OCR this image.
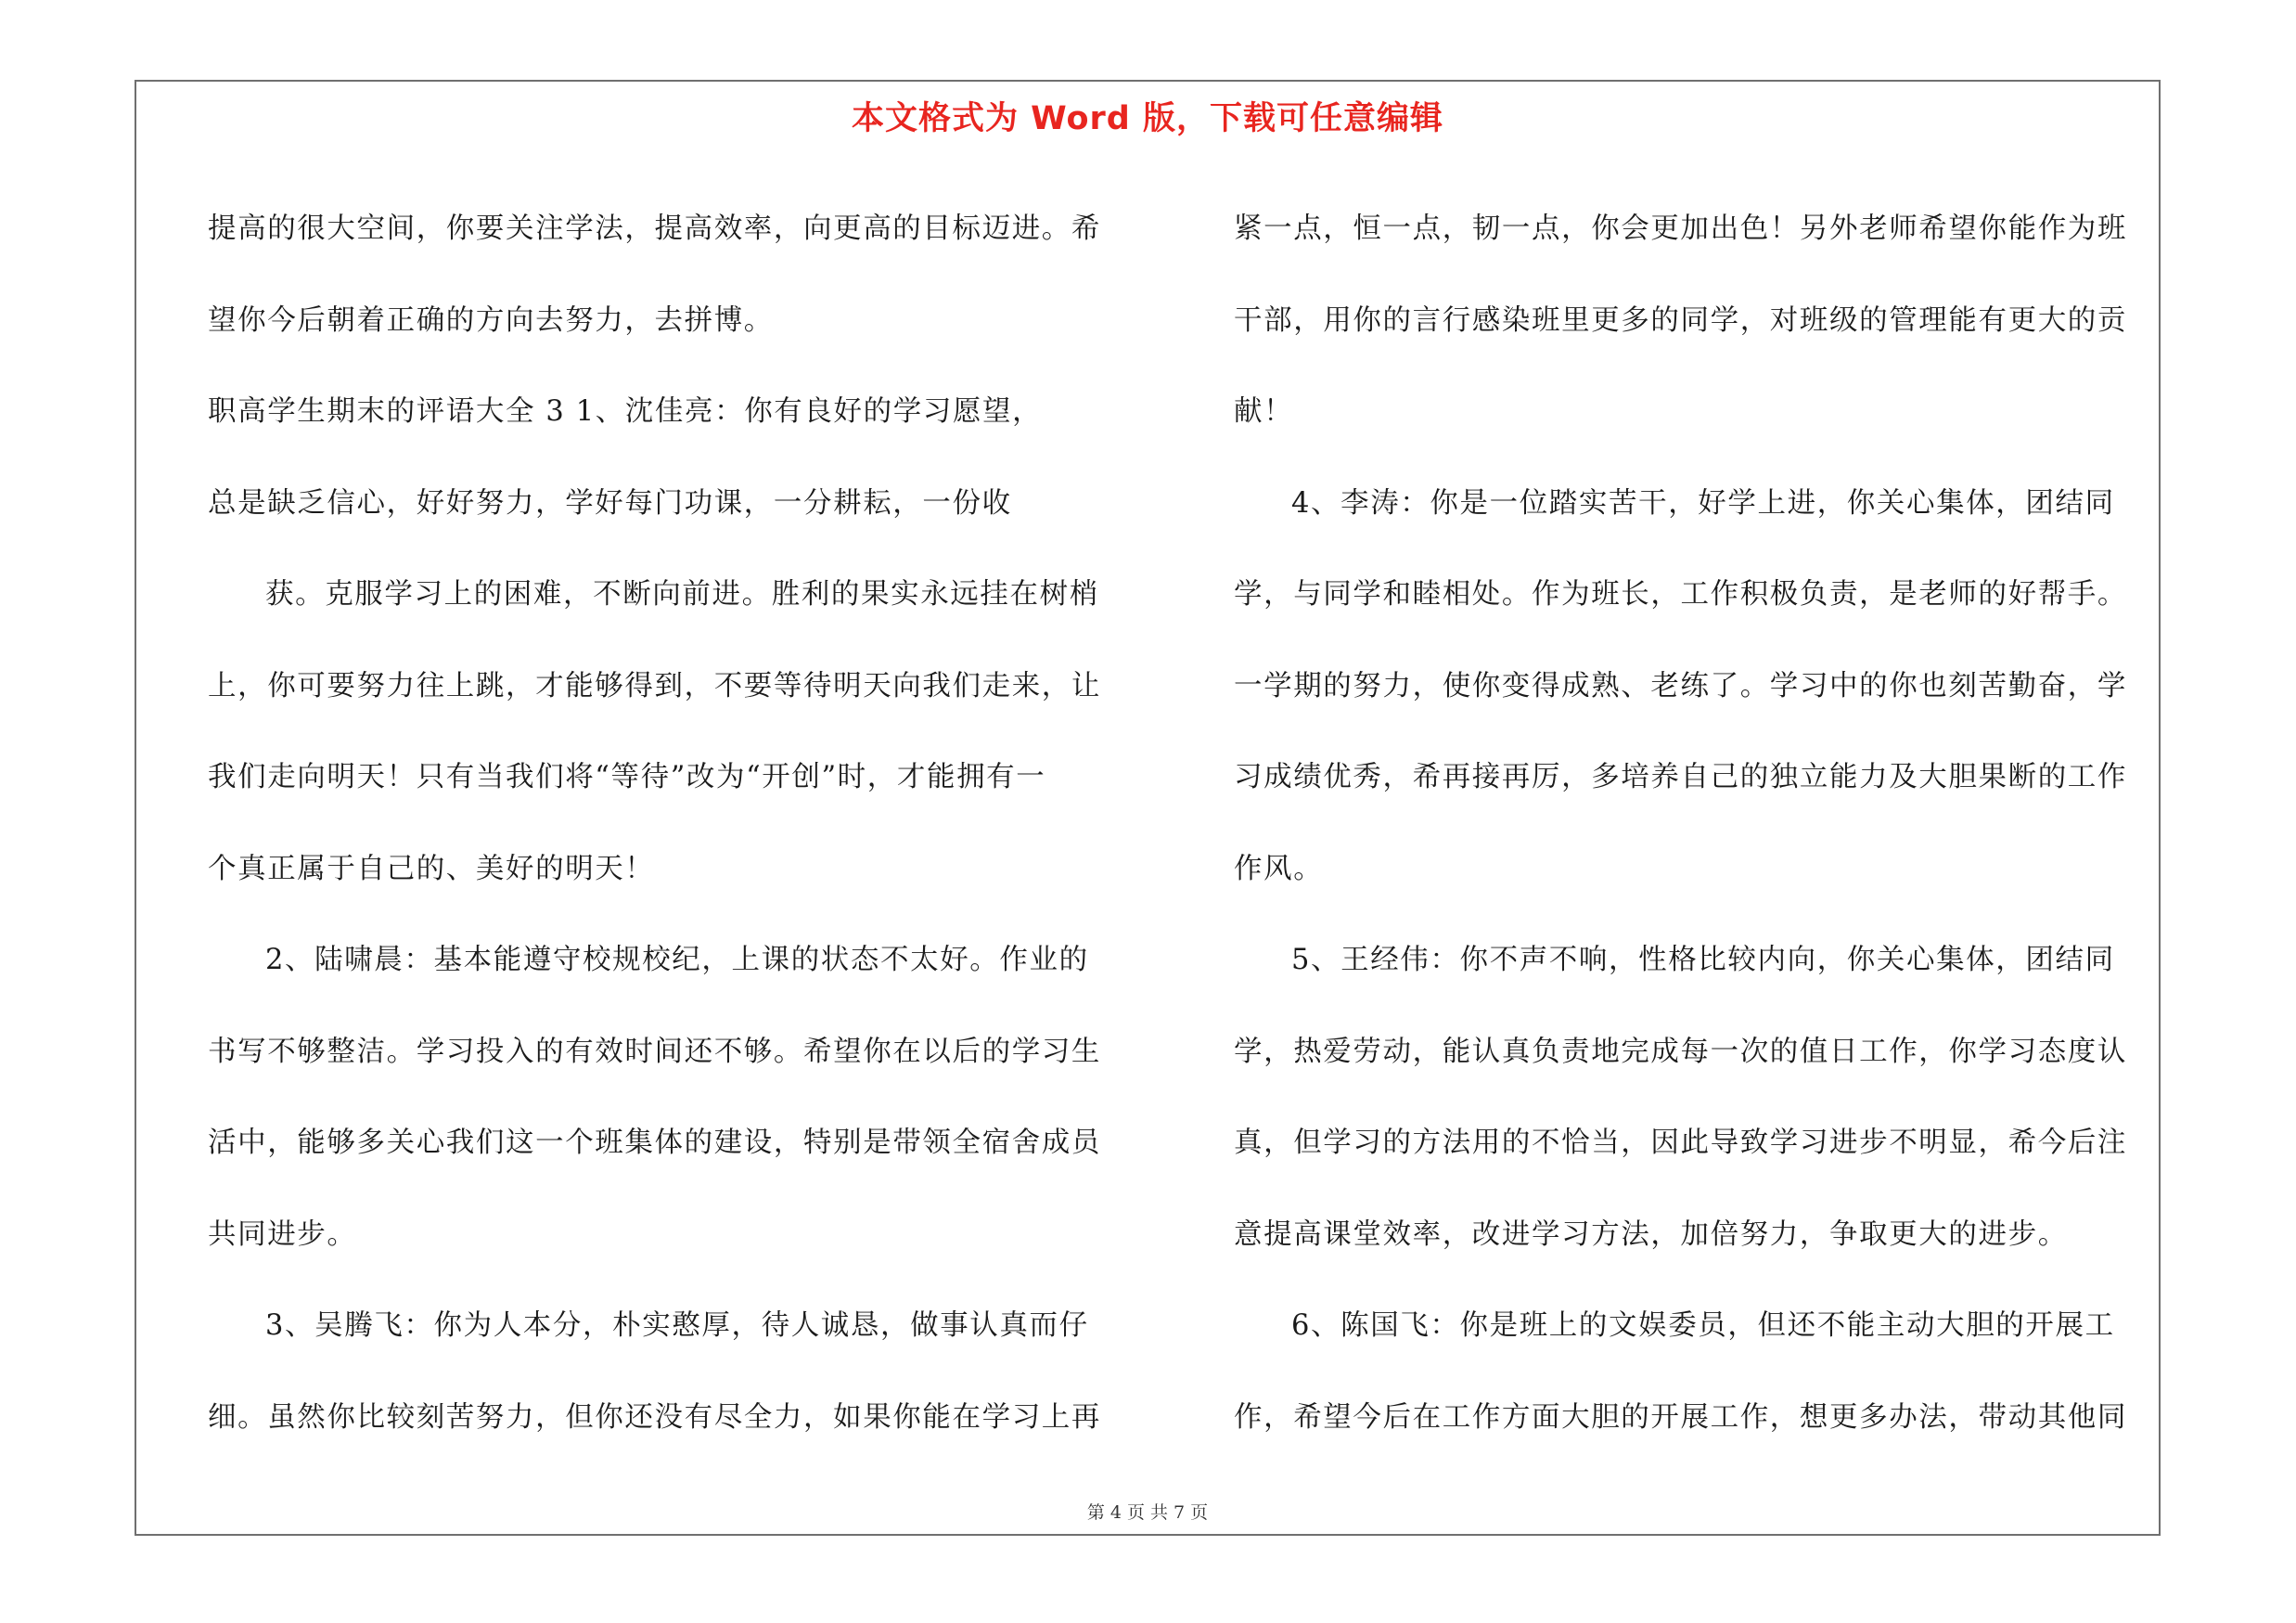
本文格式为 Word 版，下载可任意编辑
提高的很大空间，你要关注学法，提高效率，向更高的目标迈进。希
望你今后朝着正确的方向去努力，去拼博。
职高学生期末的评语大全 3 1、沈佳亮：你有良好的学习愿望，
总是缺乏信心，好好努力，学好每门功课，一分耕耘，一份收
获。克服学习上的困难，不断向前进。胜利的果实永远挂在树梢
上，你可要努力往上跳，才能够得到，不要等待明天向我们走来，让
我们走向明天！只有当我们将“等待”改为“开创”时，才能拥有一
个真正属于自己的、美好的明天！
2、陆啸晨：基本能遵守校规校纪，上课的状态不太好。作业的
书写不够整洁。学习投入的有效时间还不够。希望你在以后的学习生
活中，能够多关心我们这一个班集体的建设，特别是带领全宿舍成员
共同进步。
3、吴腾飞：你为人本分，朴实憨厚，待人诚恳，做事认真而仔
细。虽然你比较刻苦努力，但你还没有尽全力，如果你能在学习上再
紧一点，恒一点，韧一点，你会更加出色！另外老师希望你能作为班
干部，用你的言行感染班里更多的同学，对班级的管理能有更大的贡
献！
4、李涛：你是一位踏实苦干，好学上进，你关心集体，团结同
学，与同学和睦相处。作为班长，工作积极负责，是老师的好帮手。
一学期的努力，使你变得成熟、老练了。学习中的你也刻苦勤奋，学
习成绩优秀，希再接再厉，多培养自己的独立能力及大胆果断的工作
作风。
5、王经伟：你不声不响，性格比较内向，你关心集体，团结同
学，热爱劳动，能认真负责地完成每一次的值日工作，你学习态度认
真，但学习的方法用的不恰当，因此导致学习进步不明显，希今后注
意提高课堂效率，改进学习方法，加倍努力，争取更大的进步。
6、陈国飞：你是班上的文娱委员，但还不能主动大胆的开展工
作，希望今后在工作方面大胆的开展工作，想更多办法，带动其他同
第 4 页 共 7 页
